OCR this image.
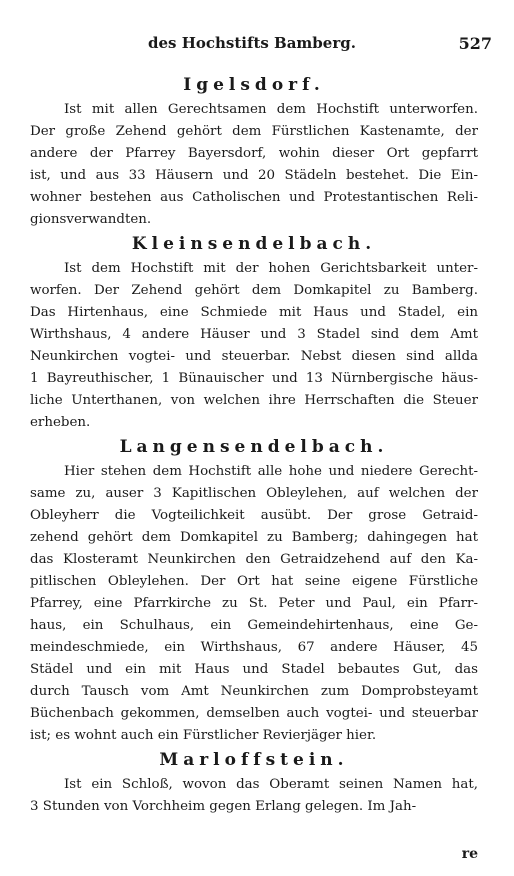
des Hochstifts Bamberg.	527
Igelsdorf.
Ist mit allen Gerechtsamen dem Hochstift unterworfen.
Der große Zehend gehört dem Fürstlichen Kastenamte, der
andere der Pfarrey Bayersdorf, wohin dieser Ort gepfarrt
ist, und aus 33 Häusern und 20 Städeln bestehet. Die Ein-
wohner bestehen aus Catholischen und Protestantischen Reli-
gionsverwandten.
Kleinsendelbach.
Ist dem Hochstift mit der hohen Gerichtsbarkeit unter-
worfen. Der Zehend gehört dem Domkapitel zu Bamberg.
Das Hirtenhaus, eine Schmiede mit Haus und Stadel, ein
Wirthshaus, 4 andere Häuser und 3 Stadel sind dem Amt
Neunkirchen vogtei- und steuerbar. Nebst diesen sind allda
1 Bayreuthischer, 1 Bünauischer und 13 Nürnbergische häus-
liche Unterthanen, von welchen ihre Herrschaften die Steuer
erheben.
Langensendelbach.
Hier stehen dem Hochstift alle hohe und niedere Gerecht-
same zu, auser 3 Kapitlischen Obleylehen, auf welchen der
Obleyherr die Vogteilichkeit ausübt. Der grose Getraid-
zehend gehört dem Domkapitel zu Bamberg; dahingegen hat
das Klosteramt Neunkirchen den Getraidzehend auf den Ka-
pitlischen Obleylehen. Der Ort hat seine eigene Fürstliche
Pfarrey, eine Pfarrkirche zu St. Peter und Paul, ein Pfarr-
haus, ein Schulhaus, ein Gemeindehirtenhaus, eine Ge-
meindeschmiede, ein Wirthshaus, 67 andere Häuser, 45
Städel und ein mit Haus und Stadel bebautes Gut, das
durch Tausch vom Amt Neunkirchen zum Domprobsteyamt
Büchenbach gekommen, demselben auch vogtei- und steuerbar
ist; es wohnt auch ein Fürstlicher Revierjäger hier.
Marloffstein.
Ist ein Schloß, wovon das Oberamt seinen Namen hat,
3 Stunden von Vorchheim gegen Erlang gelegen. Im Jah-
re
